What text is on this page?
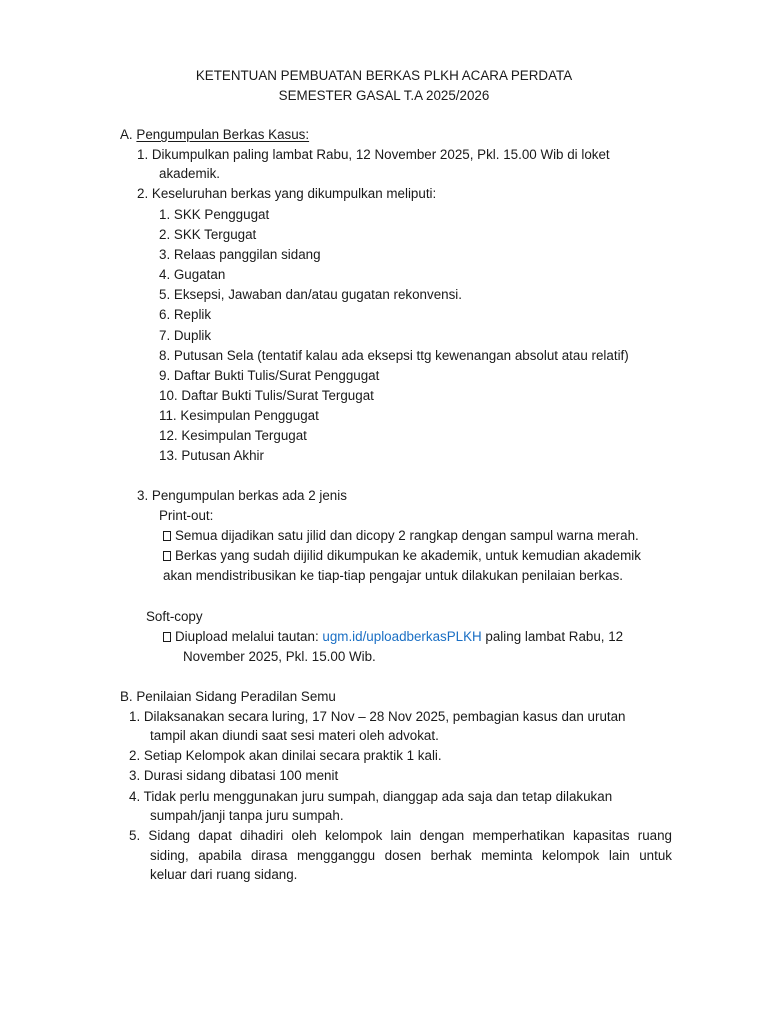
KETENTUAN PEMBUATAN BERKAS PLKH ACARA PERDATA
SEMESTER GASAL T.A 2025/2026
A. Pengumpulan Berkas Kasus:
1. Dikumpulkan paling lambat Rabu, 12 November 2025, Pkl. 15.00 Wib di loket
akademik.
2. Keseluruhan berkas yang dikumpulkan meliputi:
1. SKK Penggugat
2. SKK Tergugat
3. Relaas panggilan sidang
4. Gugatan
5. Eksepsi, Jawaban dan/atau gugatan rekonvensi.
6. Replik
7. Duplik
8. Putusan Sela (tentatif kalau ada eksepsi ttg kewenangan absolut atau relatif)
9. Daftar Bukti Tulis/Surat Penggugat
10. Daftar Bukti Tulis/Surat Tergugat
11. Kesimpulan Penggugat
12. Kesimpulan Tergugat
13. Putusan Akhir
3. Pengumpulan berkas ada 2 jenis
Print-out:
Semua dijadikan satu jilid dan dicopy 2 rangkap dengan sampul warna merah.
Berkas yang sudah dijilid dikumpukan ke akademik, untuk kemudian akademik
akan mendistribusikan ke tiap-tiap pengajar untuk dilakukan penilaian berkas.
Soft-copy
Diupload melalui tautan: ugm.id/uploadberkasPLKH paling lambat Rabu, 12
November 2025, Pkl. 15.00 Wib.
B. Penilaian Sidang Peradilan Semu
1. Dilaksanakan secara luring, 17 Nov – 28 Nov 2025, pembagian kasus dan urutan
tampil akan diundi saat sesi materi oleh advokat.
2. Setiap Kelompok akan dinilai secara praktik 1 kali.
3. Durasi sidang dibatasi 100 menit
4. Tidak perlu menggunakan juru sumpah, dianggap ada saja dan tetap dilakukan
sumpah/janji tanpa juru sumpah.
5. Sidang dapat dihadiri oleh kelompok lain dengan memperhatikan kapasitas ruang
siding, apabila dirasa mengganggu dosen berhak meminta kelompok lain untuk
keluar dari ruang sidang.
